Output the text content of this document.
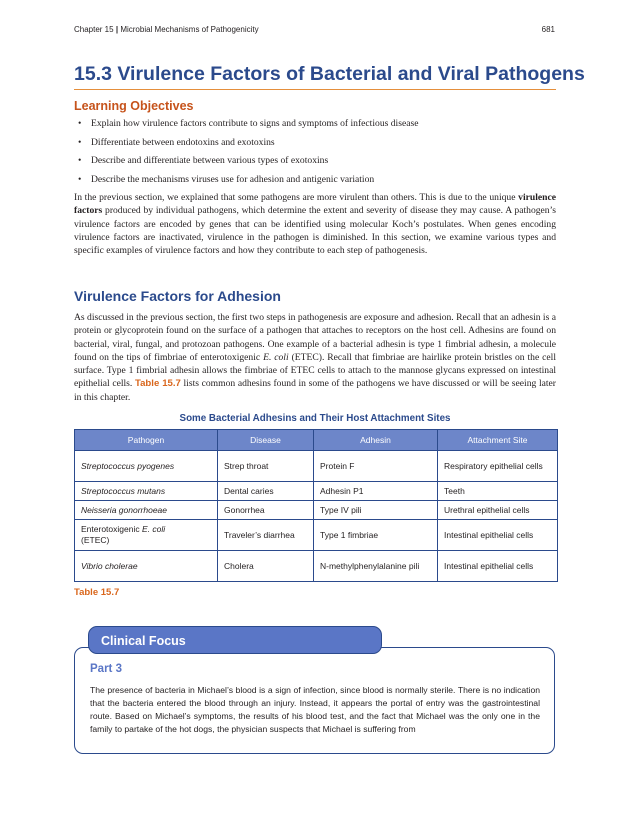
Chapter 15 | Microbial Mechanisms of Pathogenicity	681
15.3 Virulence Factors of Bacterial and Viral Pathogens
Learning Objectives
• Explain how virulence factors contribute to signs and symptoms of infectious disease
• Differentiate between endotoxins and exotoxins
• Describe and differentiate between various types of exotoxins
• Describe the mechanisms viruses use for adhesion and antigenic variation

In the previous section, we explained that some pathogens are more virulent than others. This is due to the unique virulence factors produced by individual pathogens, which determine the extent and severity of disease they may cause. A pathogen’s virulence factors are encoded by genes that can be identified using molecular Koch’s postulates. When genes encoding virulence factors are inactivated, virulence in the pathogen is diminished. In this section, we examine various types and specific examples of virulence factors and how they contribute to each step of pathogenesis.

Virulence Factors for Adhesion

As discussed in the previous section, the first two steps in pathogenesis are exposure and adhesion. Recall that an adhesin is a protein or glycoprotein found on the surface of a pathogen that attaches to receptors on the host cell. Adhesins are found on bacterial, viral, fungal, and protozoan pathogens. One example of a bacterial adhesin is type 1 fimbrial adhesin, a molecule found on the tips of fimbriae of enterotoxigenic E. coli (ETEC). Recall that fimbriae are hairlike protein bristles on the cell surface. Type 1 fimbrial adhesin allows the fimbriae of ETEC cells to attach to the mannose glycans expressed on intestinal epithelial cells. Table 15.7 lists common adhesins found in some of the pathogens we have discussed or will be seeing later in this chapter.

Some Bacterial Adhesins and Their Host Attachment Sites
Pathogen	Disease	Adhesin	Attachment Site
Streptococcus pyogenes	Strep throat	Protein F	Respiratory epithelial cells
Streptococcus mutans	Dental caries	Adhesin P1	Teeth
Neisseria gonorrhoeae	Gonorrhea	Type IV pili	Urethral epithelial cells
Enterotoxigenic E. coli
(ETEC)	Traveler’s diarrhea	Type 1 fimbriae	Intestinal epithelial cells
Vibrio cholerae	Cholera	N-methylphenylalanine pili	Intestinal epithelial cells
Table 15.7
Clinical Focus
Part 3

The presence of bacteria in Michael’s blood is a sign of infection, since blood is normally sterile. There is no indication that the bacteria entered the blood through an injury. Instead, it appears the portal of entry was the gastrointestinal route. Based on Michael’s symptoms, the results of his blood test, and the fact that Michael was the only one in the family to partake of the hot dogs, the physician suspects that Michael is suffering from
